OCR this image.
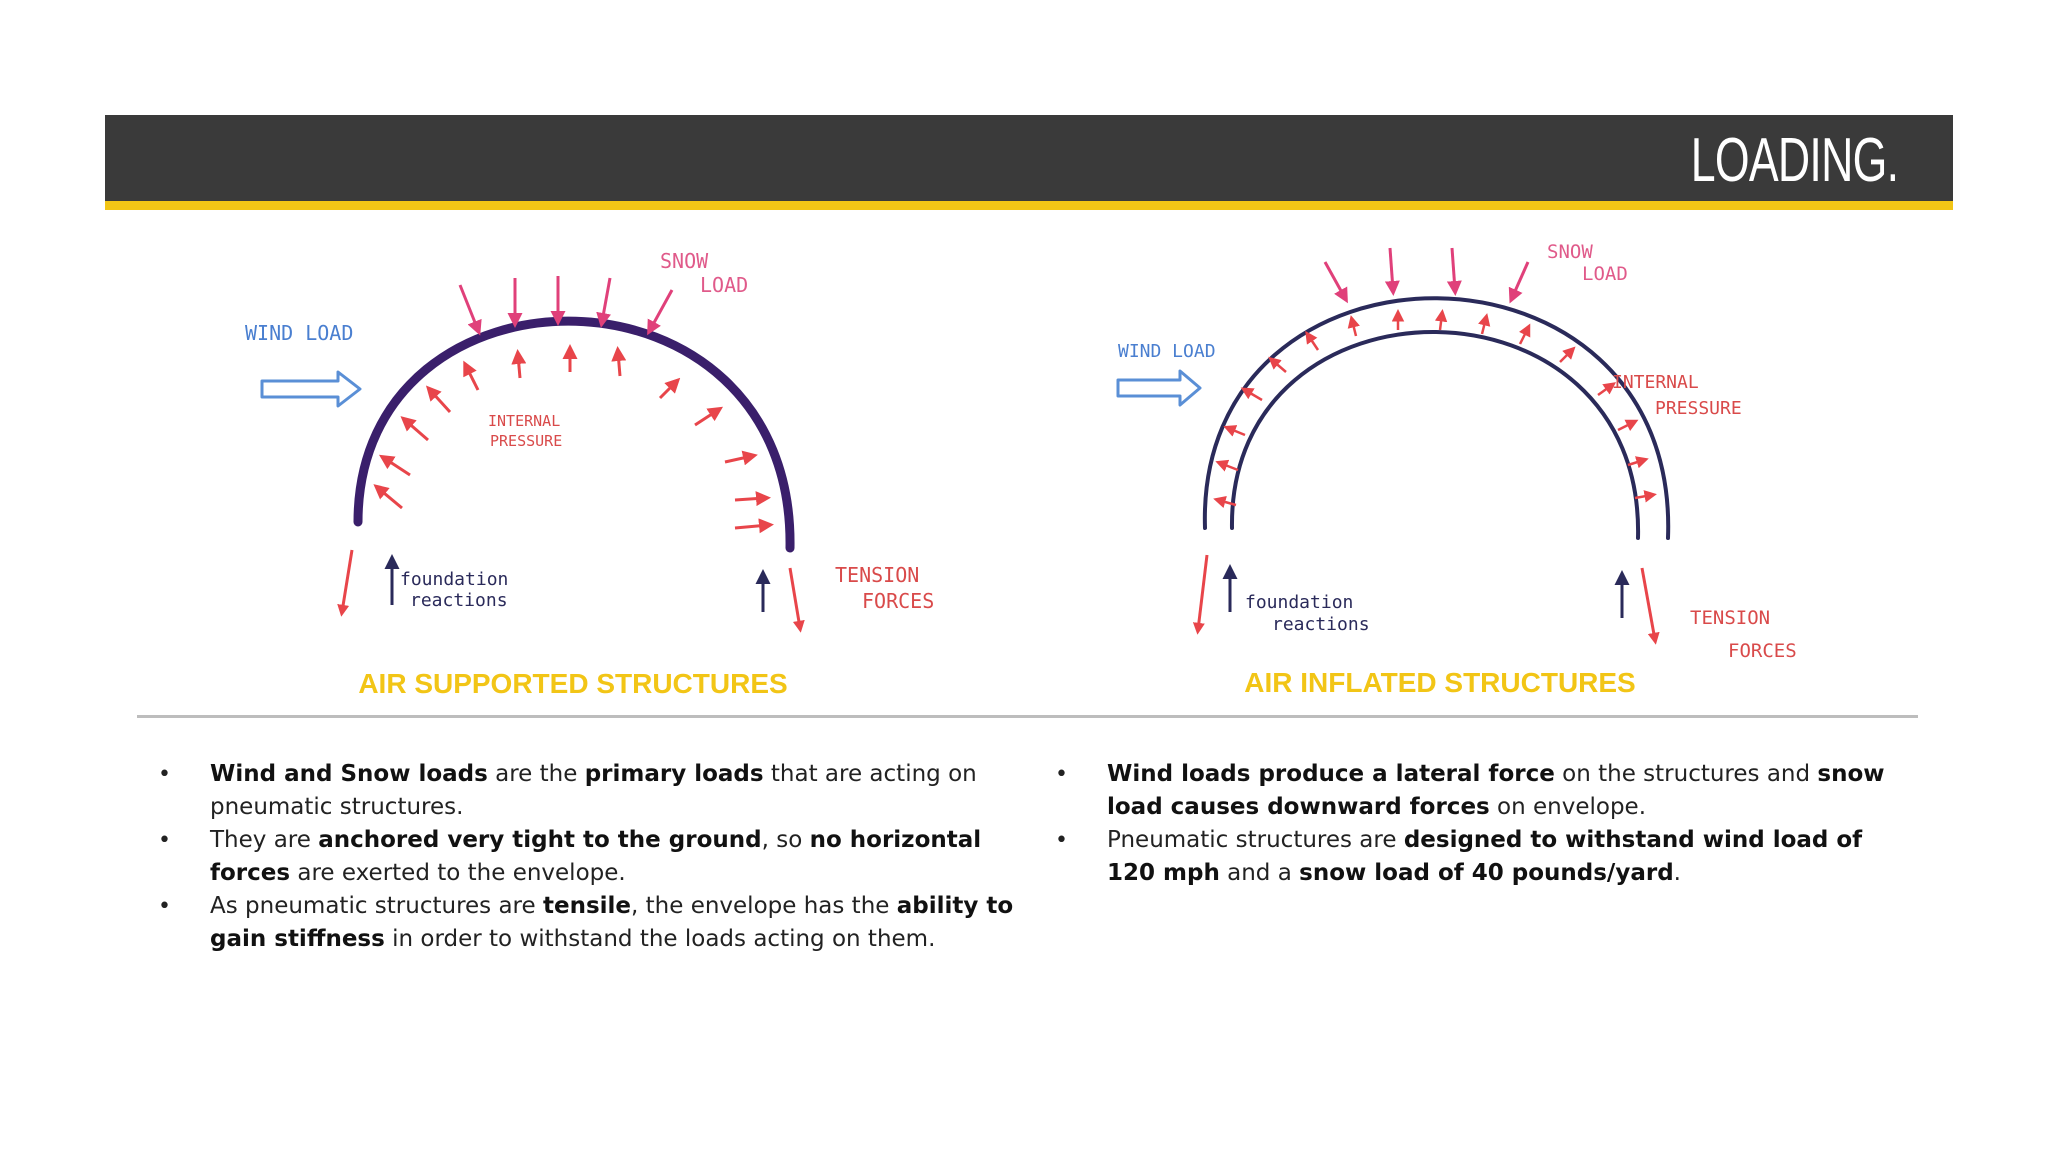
LOADING.
SNOW
LOAD
WIND LOAD
INTERNAL
PRESSURE
foundation
reactions
TENSION
FORCES
AIR SUPPORTED STRUCTURES
SNOW
LOAD
WIND LOAD
INTERNAL
PRESSURE
foundation
reactions	TENSION
FORCES
AIR INFLATED STRUCTURES
• Wind and Snow loads are the primary loads that are acting on pneumatic structures.
• They are anchored very tight to the ground, so no horizontal forces are exerted to the envelope.
• As pneumatic structures are tensile, the envelope has the ability to gain stiffness in order to withstand the loads acting on them.
• Wind loads produce a lateral force on the structures and snow load causes downward forces on envelope.
• Pneumatic structures are designed to withstand wind load of 120 mph and a snow load of 40 pounds/yard.
